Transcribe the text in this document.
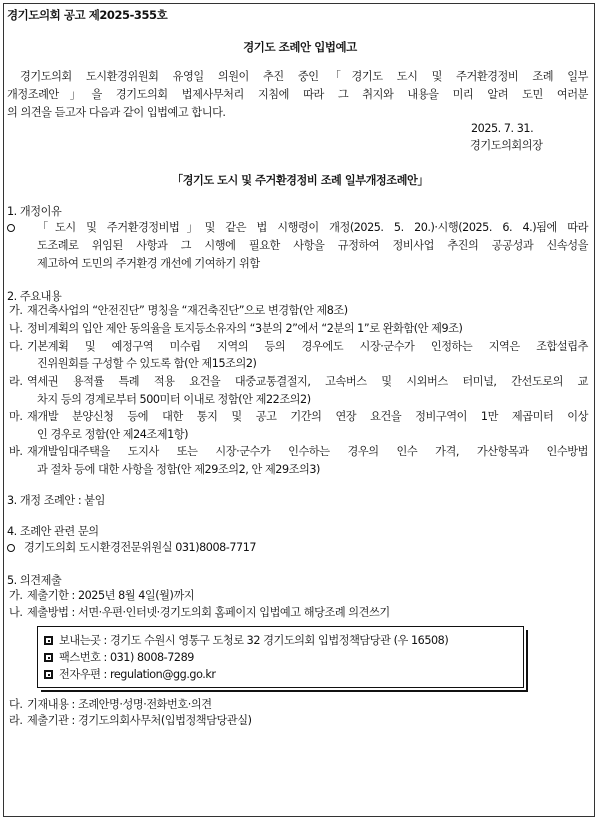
경기도의회 공고 제2025-355호
경기도 조례안 입법예고
경기도의회 도시환경위원회 유영일 의원이 추진 중인「경기도 도시 및 주거환경정비 조례 일부
개정조례안」을 경기도의회 법제사무처리 지침에 따라 그 취지와 내용을 미리 알려 도민 여러분
의 의견을 듣고자 다음과 같이 입법예고 합니다.
2025. 7. 31.
경기도의회의장
「경기도 도시 및 주거환경정비 조례 일부개정조례안」
1. 개정이유
「도시 및 주거환경정비법」및 같은 법 시행령이 개정(2025. 5. 20.)·시행(2025. 6. 4.)됨에 따라
도조례로 위임된 사항과 그 시행에 필요한 사항을 규정하여 정비사업 추진의 공공성과 신속성을
제고하여 도민의 주거환경 개선에 기여하기 위함
2. 주요내용
가. 재건축사업의 “안전진단” 명칭을 “재건축진단”으로 변경함(안 제8조)
나. 정비계획의 입안 제안 동의율을 토지등소유자의 “3분의 2”에서 “2분의 1”로 완화함(안 제9조)
다. 기본계획 및 예정구역 미수립 지역의 등의 경우에도 시장·군수가 인정하는 지역은 조합설립추
진위원회를 구성할 수 있도록 함(안 제15조의2)
라. 역세권 용적률 특례 적용 요건을 대중교통결절지, 고속버스 및 시외버스 터미널, 간선도로의 교
차지 등의 경계로부터 500미터 이내로 정함(안 제22조의2)
마. 재개발 분양신청 등에 대한 통지 및 공고 기간의 연장 요건을 정비구역이 1만 제곱미터 이상
인 경우로 정함(안 제24조제1항)
바. 재개발임대주택을 도지사 또는 시장·군수가 인수하는 경우의 인수 가격, 가산항목과 인수방법
과 절차 등에 대한 사항을 정함(안 제29조의2, 안 제29조의3)
3. 개정 조례안 : 붙임
4. 조례안 관련 문의
경기도의회 도시환경전문위원실 031)8008-7717
5. 의견제출
가. 제출기한 : 2025년 8월 4일(월)까지
나. 제출방법 : 서면·우편·인터넷·경기도의회 홈페이지 입법예고 해당조례 의견쓰기
보내는곳 : 경기도 수원시 영통구 도청로 32 경기도의회 입법정책담당관 (우 16508)
팩스번호 : 031) 8008-7289
전자우편 : regulation@gg.go.kr
다. 기재내용 : 조례안명·성명·전화번호·의견
라. 제출기관 : 경기도의회사무처(입법정책담당관실)
